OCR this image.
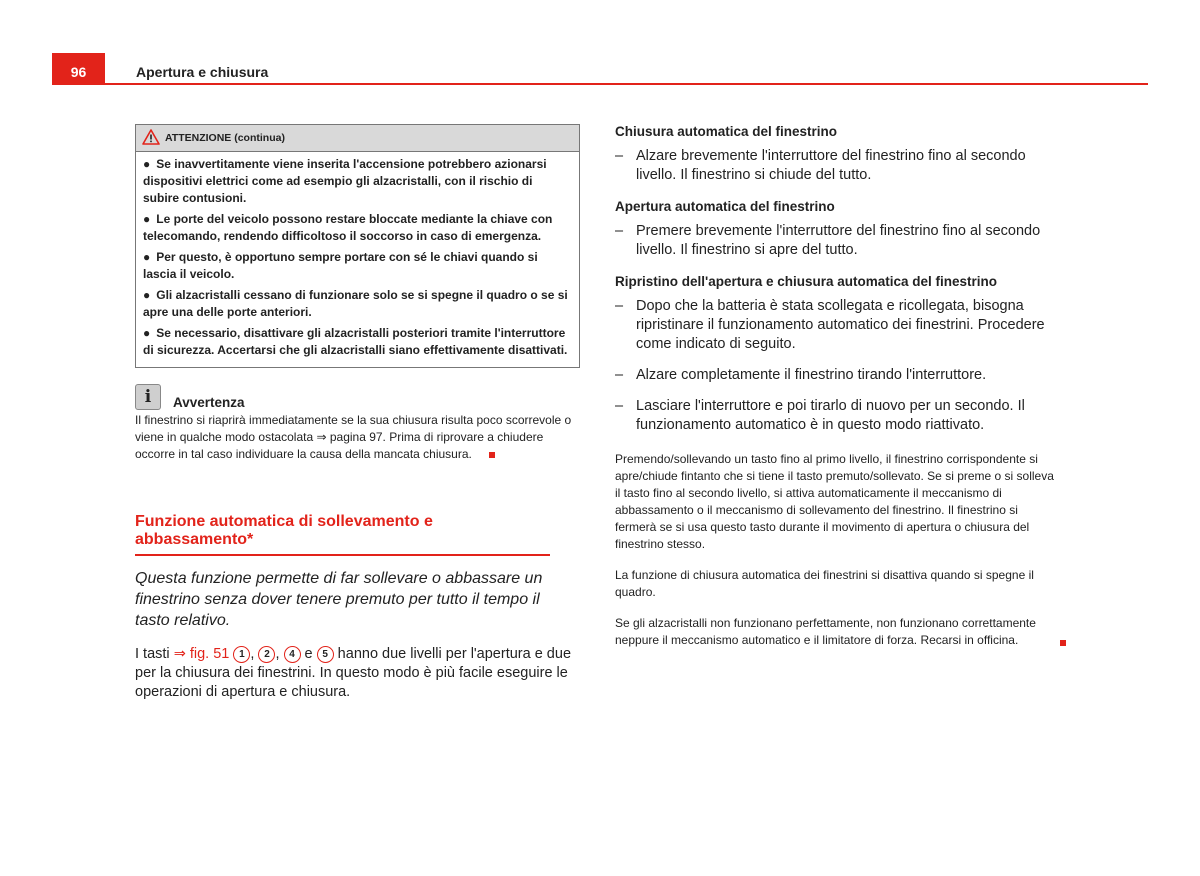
96	Apertura e chiusura
ATTENZIONE (continua)
● Se inavvertitamente viene inserita l'accensione potrebbero azionarsi dispositivi elettrici come ad esempio gli alzacristalli, con il rischio di subire contusioni.
● Le porte del veicolo possono restare bloccate mediante la chiave con telecomando, rendendo difficoltoso il soccorso in caso di emergenza.
● Per questo, è opportuno sempre portare con sé le chiavi quando si lascia il veicolo.
● Gli alzacristalli cessano di funzionare solo se si spegne il quadro o se si apre una delle porte anteriori.
● Se necessario, disattivare gli alzacristalli posteriori tramite l'interruttore di sicurezza. Accertarsi che gli alzacristalli siano effettivamente disattivati.
i	Avvertenza
Il finestrino si riaprirà immediatamente se la sua chiusura risulta poco scorrevole o viene in qualche modo ostacolata ⇒ pagina 97. Prima di riprovare a chiudere occorre in tal caso individuare la causa della mancata chiusura.
Funzione automatica di sollevamento e abbassamento*
Questa funzione permette di far sollevare o abbassare un finestrino senza dover tenere premuto per tutto il tempo il tasto relativo.
I tasti ⇒ fig. 51 1 , 2 , 4 e 5 hanno due livelli per l'apertura e due per la chiusura dei finestrini. In questo modo è più facile eseguire le operazioni di apertura e chiusura.
Chiusura automatica del finestrino
– Alzare brevemente l'interruttore del finestrino fino al secondo livello. Il finestrino si chiude del tutto.
Apertura automatica del finestrino
– Premere brevemente l'interruttore del finestrino fino al secondo livello. Il finestrino si apre del tutto.
Ripristino dell'apertura e chiusura automatica del finestrino
– Dopo che la batteria è stata scollegata e ricollegata, bisogna ripristinare il funzionamento automatico dei finestrini. Procedere come indicato di seguito.
– Alzare completamente il finestrino tirando l'interruttore.
– Lasciare l'interruttore e poi tirarlo di nuovo per un secondo. Il funzionamento automatico è in questo modo riattivato.
Premendo/sollevando un tasto fino al primo livello, il finestrino corrispondente si apre/chiude fintanto che si tiene il tasto premuto/sollevato. Se si preme o si solleva il tasto fino al secondo livello, si attiva automaticamente il meccanismo di abbassamento o il meccanismo di sollevamento del finestrino. Il finestrino si fermerà se si usa questo tasto durante il movimento di apertura o chiusura del finestrino stesso.
La funzione di chiusura automatica dei finestrini si disattiva quando si spegne il quadro.
Se gli alzacristalli non funzionano perfettamente, non funzionano correttamente neppure il meccanismo automatico e il limitatore di forza. Recarsi in officina.
